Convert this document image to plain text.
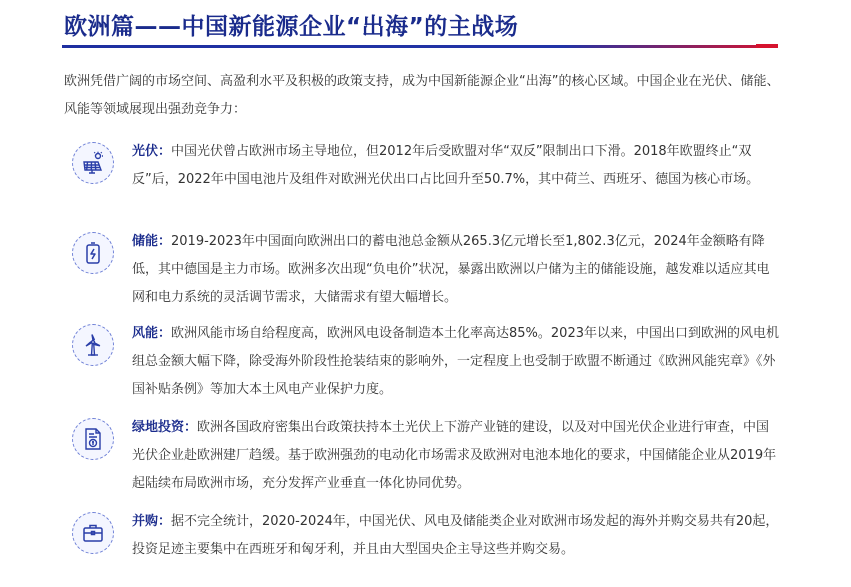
欧洲篇——中国新能源企业“出海”的主战场
欧洲凭借广阔的市场空间、高盈利水平及积极的政策支持，成为中国新能源企业“出海”的核心区域。中国企业在光伏、储能、风能等领域展现出强劲竞争力：
光伏：中国光伏曾占欧洲市场主导地位，但2012年后受欧盟对华“双反”限制出口下滑。2018年欧盟终止“双反”后，2022年中国电池片及组件对欧洲光伏出口占比回升至50.7%，其中荷兰、西班牙、德国为核心市场。
储能：2019-2023年中国面向欧洲出口的蓄电池总金额从265.3亿元增长至1,802.3亿元，2024年金额略有降低，其中德国是主力市场。欧洲多次出现“负电价”状况，暴露出欧洲以户储为主的储能设施，越发难以适应其电网和电力系统的灵活调节需求，大储需求有望大幅增长。
风能：欧洲风能市场自给程度高，欧洲风电设备制造本土化率高达85%。2023年以来，中国出口到欧洲的风电机组总金额大幅下降，除受海外阶段性抢装结束的影响外，一定程度上也受制于欧盟不断通过《欧洲风能宪章》《外国补贴条例》等加大本土风电产业保护力度。
绿地投资：欧洲各国政府密集出台政策扶持本土光伏上下游产业链的建设，以及对中国光伏企业进行审查，中国光伏企业赴欧洲建厂趋缓。基于欧洲强劲的电动化市场需求及欧洲对电池本地化的要求，中国储能企业从2019年起陆续布局欧洲市场，充分发挥产业垂直一体化协同优势。
并购：据不完全统计，2020-2024年，中国光伏、风电及储能类企业对欧洲市场发起的海外并购交易共有20起，投资足迹主要集中在西班牙和匈牙利，并且由大型国央企主导这些并购交易。
